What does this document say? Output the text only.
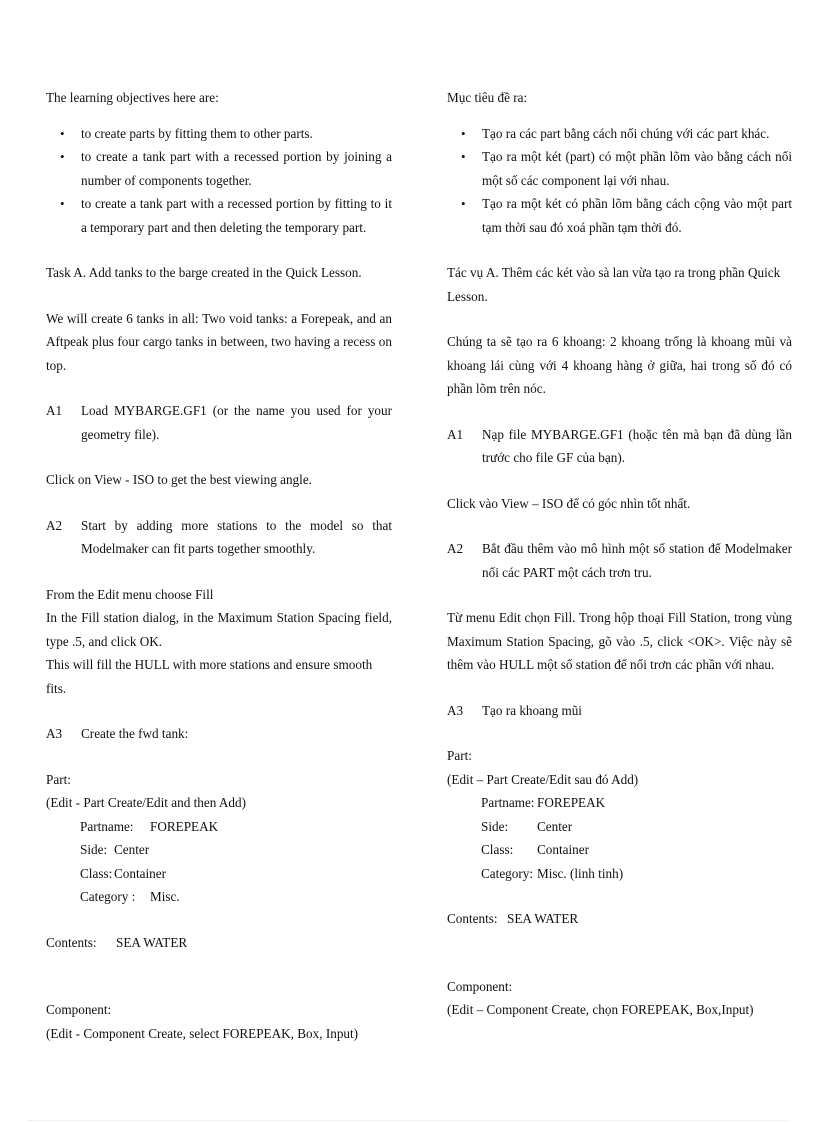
The learning objectives here are:

• to create parts by fitting them to other parts.
• to create a tank part with a recessed portion by joining a number of components together.
• to create a tank part with a recessed portion by fitting to it a temporary part and then deleting the temporary part.

Task A. Add tanks to the barge created in the Quick Lesson.

We will create 6 tanks in all: Two void tanks: a Forepeak, and an Aftpeak plus four cargo tanks in between, two having a recess on top.

A1	Load MYBARGE.GF1 (or the name you used for your geometry file).

Click on View - ISO to get the best viewing angle.

A2	Start by adding more stations to the model so that Modelmaker can fit parts together smoothly.

From the Edit menu choose Fill

In the Fill station dialog, in the Maximum Station Spacing field, type .5, and click OK.

This will fill the HULL with more stations and ensure smooth fits.

A3	Create the fwd tank:

Part:

(Edit - Part Create/Edit and then Add)

Partname:	FOREPEAK
Side: Center
Class: Container
Category :	Misc.
Contents:	SEA WATER

Component:

(Edit - Component Create, select FOREPEAK, Box, Input)

Mục tiêu đề ra:

• Tạo ra các part bằng cách nối chúng với các part khác.
• Tạo ra một két (part) có một phần lõm vào bằng cách nối một số các component lại với nhau.
• Tạo ra một két có phần lõm bằng cách cộng vào một part tạm thời sau đó xoá phần tạm thời đó.

Tác vụ A. Thêm các két vào sà lan vừa tạo ra trong phần Quick Lesson.

Chúng ta sẽ tạo ra 6 khoang: 2 khoang trống là khoang mũi và khoang lái cùng với 4 khoang hàng ở giữa, hai trong số đó có phần lõm trên nóc.

A1	Nạp file MYBARGE.GF1 (hoặc tên mà bạn đã dùng lần trước cho file GF của bạn).

Click vào View – ISO để có góc nhìn tốt nhất.

A2	Bắt đầu thêm vào mô hình một số station để Modelmaker nối các PART một cách trơn tru.

Từ menu Edit chọn Fill. Trong hộp thoại Fill Station, trong vùng Maximum Station Spacing, gõ vào .5, click <OK>. Việc này sẽ thêm vào HULL một số station để nối trơn các phần với nhau.

A3	Tạo ra khoang mũi

Part:

(Edit – Part Create/Edit sau đó Add)

Partname: FOREPEAK
Side:	Center
Class:	Container
Category: Misc. (linh tinh)
Contents: SEA WATER

Component:

(Edit – Component Create, chọn FOREPEAK, Box,Input)
